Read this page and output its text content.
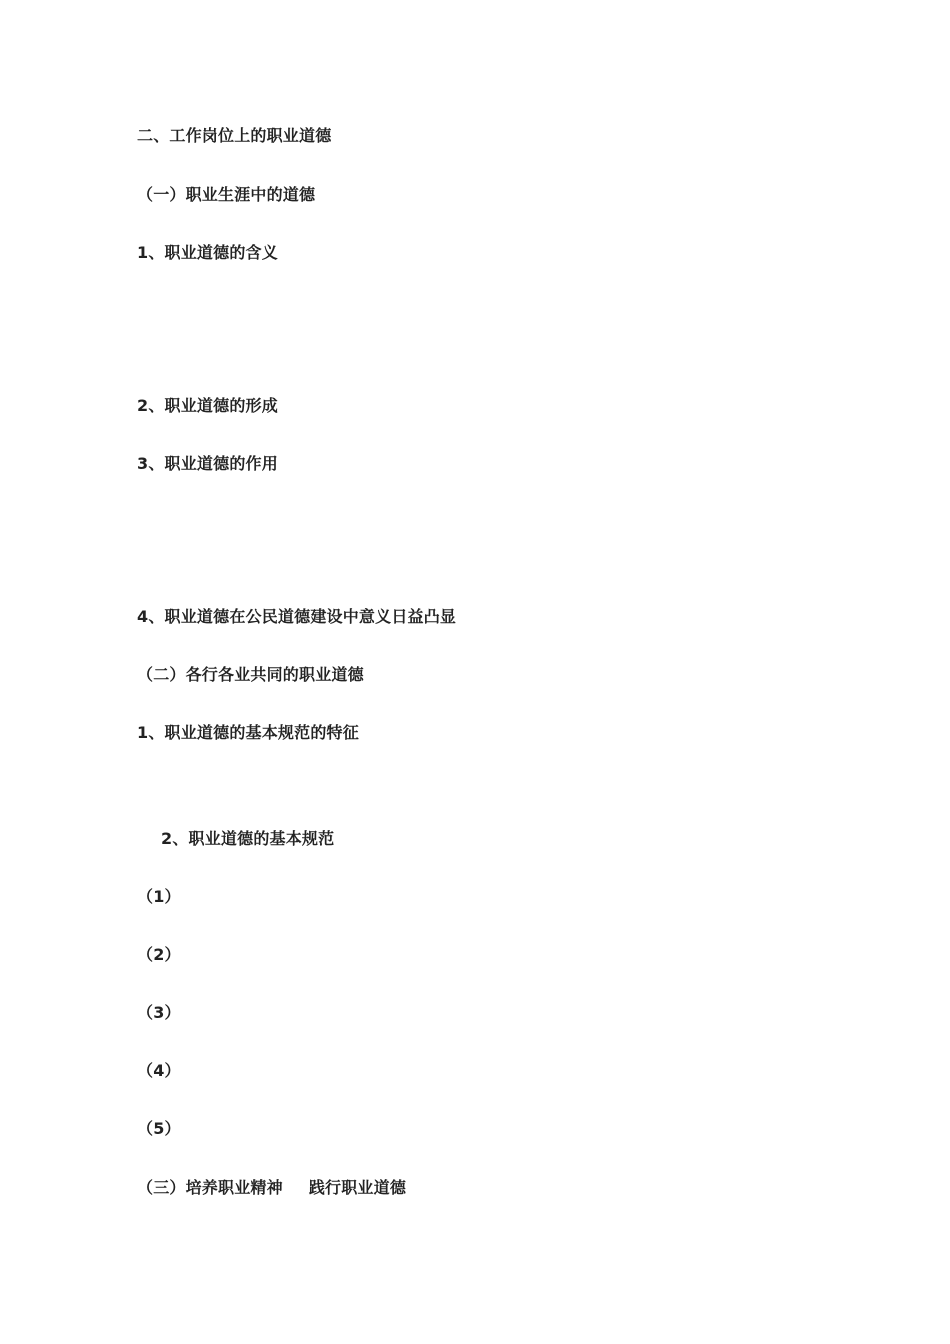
二、工作岗位上的职业道德
（一）职业生涯中的道德
1、职业道德的含义
2、职业道德的形成
3、职业道德的作用
4、职业道德在公民道德建设中意义日益凸显
（二）各行各业共同的职业道德
1、职业道德的基本规范的特征
2、职业道德的基本规范
（1）
（2）
（3）
（4）
（5）
（三）培养职业精神 践行职业道德
